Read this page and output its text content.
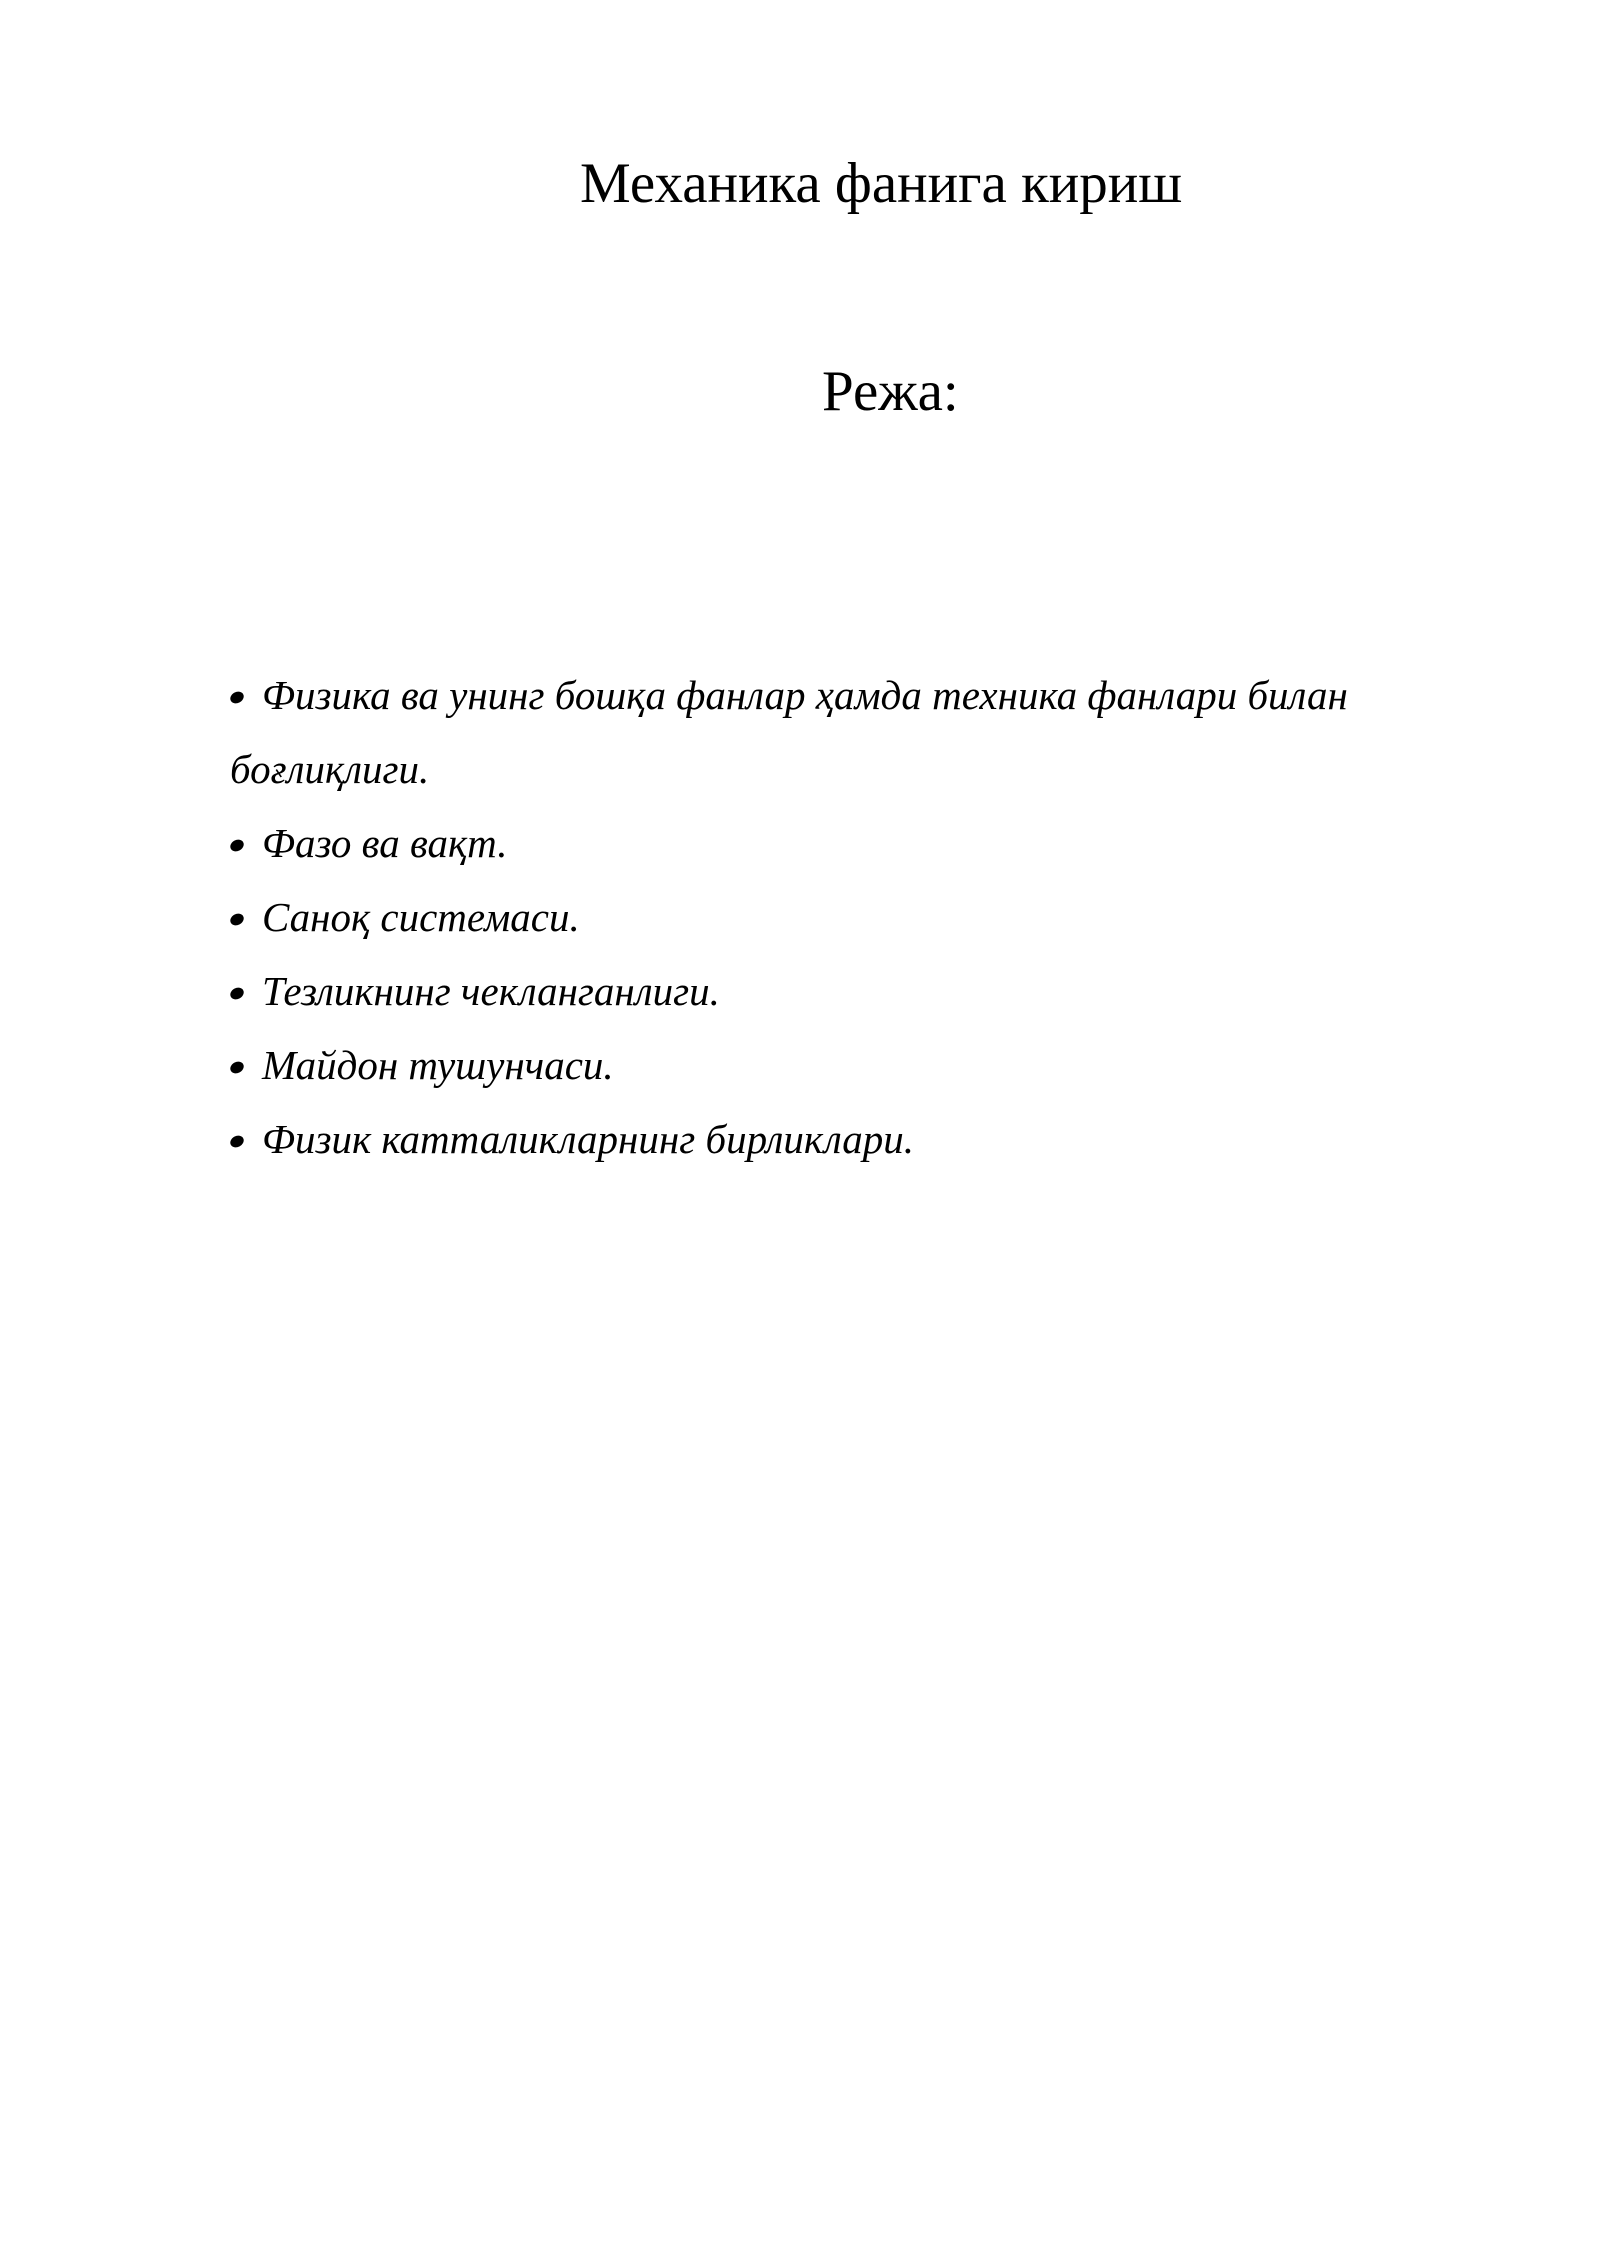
Механика фанига кириш
Режа:
Физика ва унинг бошқа фанлар ҳамда техника фанлари билан боғлиқлиги.
Фазо ва вақт.
Саноқ системаси.
Тезликнинг чекланганлиги.
Майдон тушунчаси.
Физик катталикларнинг бирликлари.
